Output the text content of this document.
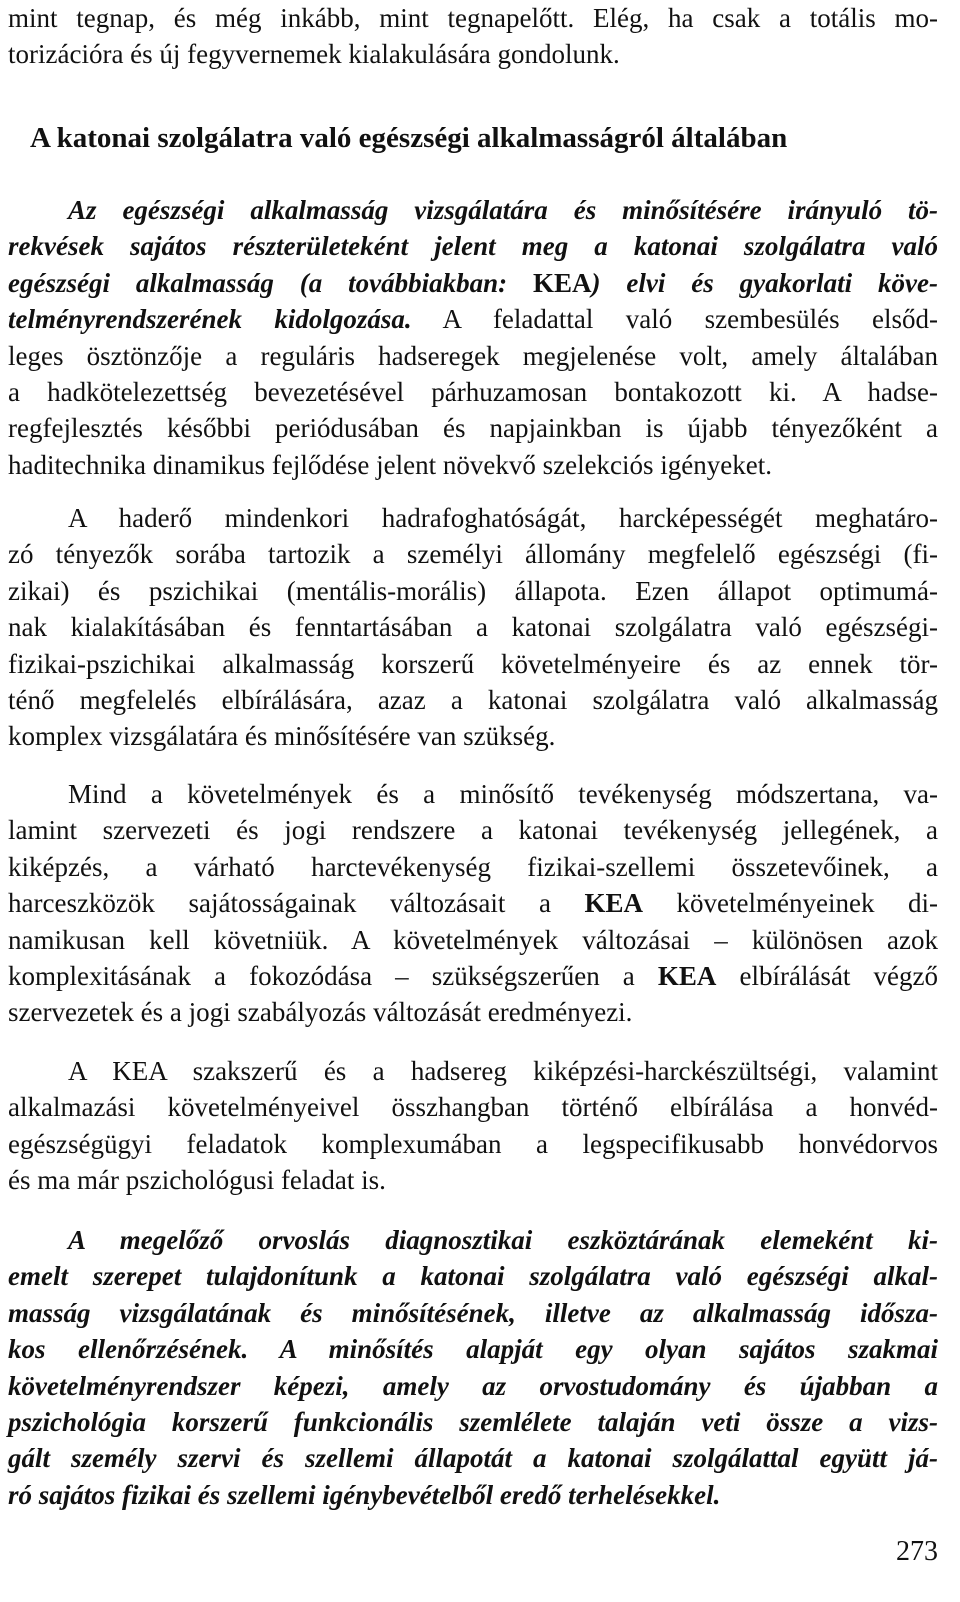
mint tegnap, és még inkább, mint tegnapelőtt. Elég, ha csak a totális mo-
torizációra és új fegyvernemek kialakulására gondolunk.
A katonai szolgálatra való egészségi alkalmasságról általában
Az egészségi alkalmasság vizsgálatára és minősítésére irányuló tö-
rekvések sajátos részterületeként jelent meg a katonai szolgálatra való
egészségi alkalmasság (a továbbiakban: KEA) elvi és gyakorlati köve-
telményrendszerének kidolgozása. A feladattal való szembesülés elsőd-
leges ösztönzője a reguláris hadseregek megjelenése volt, amely általában
a hadkötelezettség bevezetésével párhuzamosan bontakozott ki. A hadse-
regfejlesztés későbbi periódusában és napjainkban is újabb tényezőként a
haditechnika dinamikus fejlődése jelent növekvő szelekciós igényeket.
A haderő mindenkori hadrafoghatóságát, harcképességét meghatáro-
zó tényezők sorába tartozik a személyi állomány megfelelő egészségi (fi-
zikai) és pszichikai (mentális-morális) állapota. Ezen állapot optimumá-
nak kialakításában és fenntartásában a katonai szolgálatra való egészségi-
fizikai-pszichikai alkalmasság korszerű követelményeire és az ennek tör-
ténő megfelelés elbírálására, azaz a katonai szolgálatra való alkalmasság
komplex vizsgálatára és minősítésére van szükség.
Mind a követelmények és a minősítő tevékenység módszertana, va-
lamint szervezeti és jogi rendszere a katonai tevékenység jellegének, a
kiképzés, a várható harctevékenység fizikai-szellemi összetevőinek, a
harceszközök sajátosságainak változásait a KEA követelményeinek di-
namikusan kell követniük. A követelmények változásai – különösen azok
komplexitásának a fokozódása – szükségszerűen a KEA elbírálását végző
szervezetek és a jogi szabályozás változását eredményezi.
A KEA szakszerű és a hadsereg kiképzési-harckészültségi, valamint
alkalmazási követelményeivel összhangban történő elbírálása a honvéd-
egészségügyi feladatok komplexumában a legspecifikusabb honvédorvos
és ma már pszichológusi feladat is.
A megelőző orvoslás diagnosztikai eszköztárának elemeként ki-
emelt szerepet tulajdonítunk a katonai szolgálatra való egészségi alkal-
masság vizsgálatának és minősítésének, illetve az alkalmasság idősza-
kos ellenőrzésének. A minősítés alapját egy olyan sajátos szakmai
követelményrendszer képezi, amely az orvostudomány és újabban a
pszichológia korszerű funkcionális szemlélete talaján veti össze a vizs-
gált személy szervi és szellemi állapotát a katonai szolgálattal együtt já-
ró sajátos fizikai és szellemi igénybevételből eredő terhelésekkel.
273
